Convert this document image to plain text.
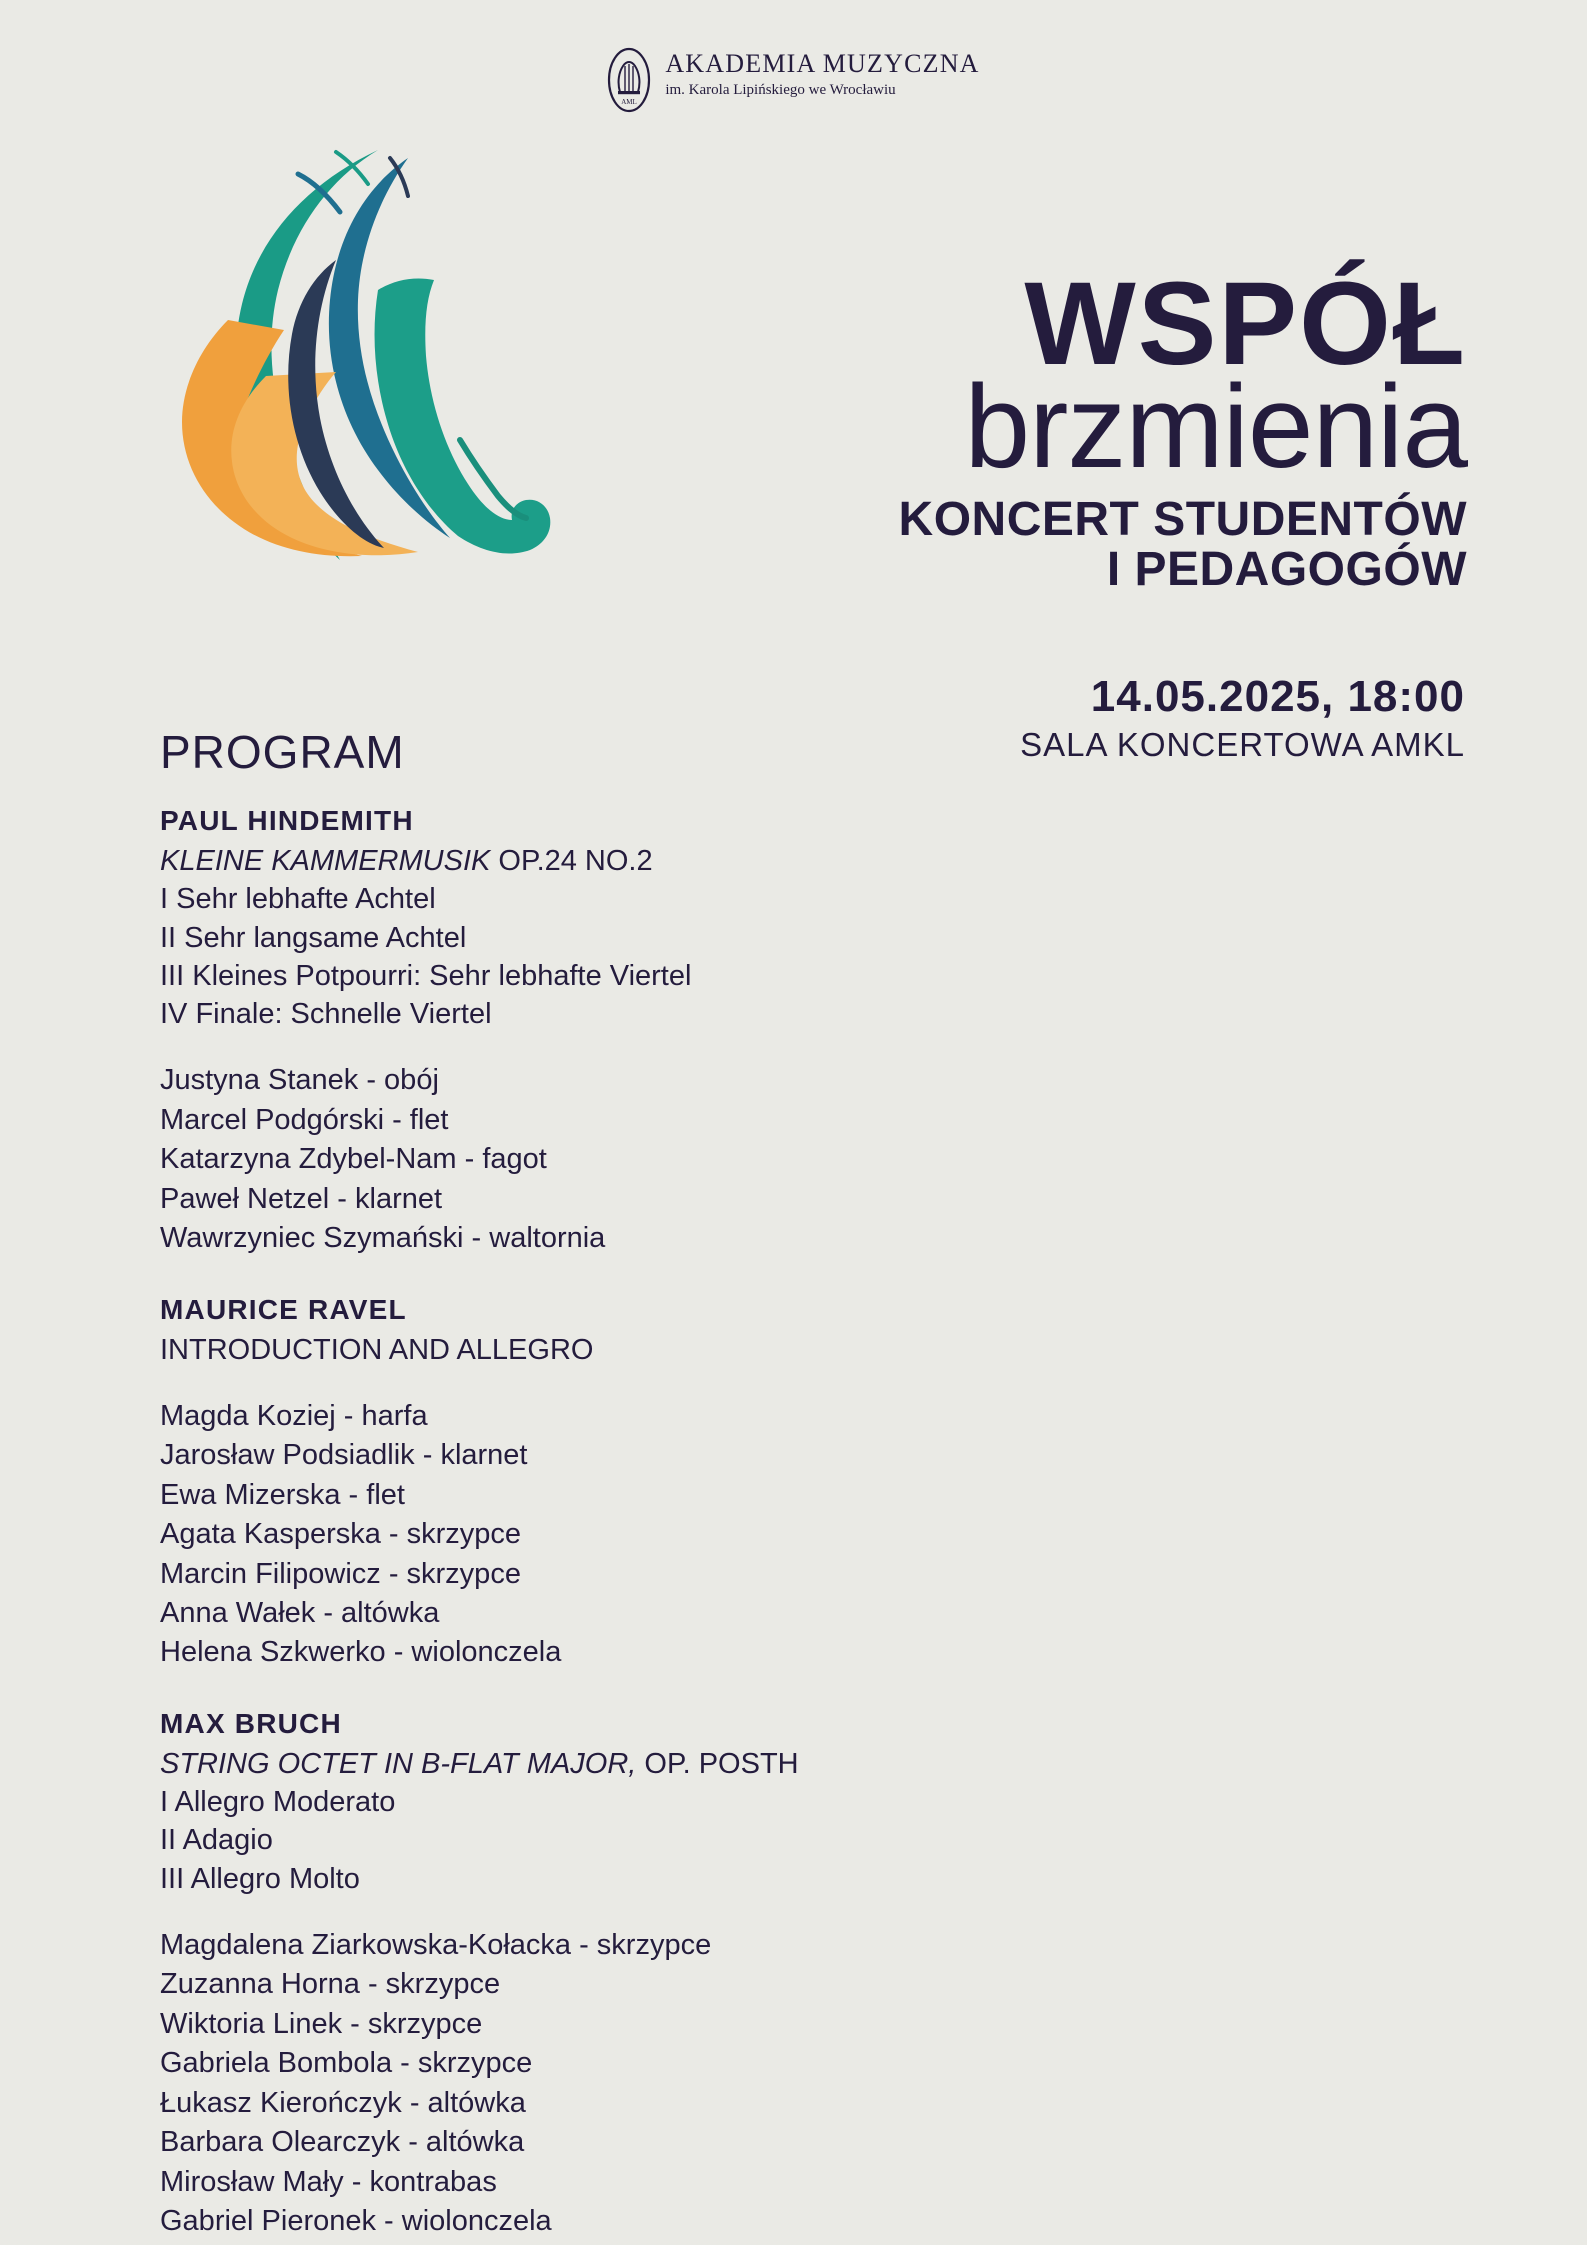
AML
AKADEMIA MUZYCZNA
im. Karola Lipińskiego we Wrocławiu
WSPÓŁ
brzmienia
KONCERT STUDENTÓW
I PEDAGOGÓW
14.05.2025, 18:00
SALA KONCERTOWA AMKL
PROGRAM
PAUL HINDEMITH
KLEINE KAMMERMUSIK OP.24 NO.2
I Sehr lebhafte Achtel
II Sehr langsame Achtel
III Kleines Potpourri: Sehr lebhafte Viertel
IV Finale: Schnelle Viertel
Justyna Stanek - obój
Marcel Podgórski - flet
Katarzyna Zdybel-Nam - fagot
Paweł Netzel - klarnet
Wawrzyniec Szymański - waltornia
MAURICE RAVEL
INTRODUCTION AND ALLEGRO
Magda Koziej - harfa
Jarosław Podsiadlik - klarnet
Ewa Mizerska - flet
Agata Kasperska - skrzypce
Marcin Filipowicz - skrzypce
Anna Wałek - altówka
Helena Szkwerko - wiolonczela
MAX BRUCH
STRING OCTET IN B-FLAT MAJOR, OP. POSTH
I Allegro Moderato
II Adagio
III Allegro Molto
Magdalena Ziarkowska-Kołacka - skrzypce
Zuzanna Horna - skrzypce
Wiktoria Linek - skrzypce
Gabriela Bombola - skrzypce
Łukasz Kierończyk - altówka
Barbara Olearczyk - altówka
Mirosław Mały - kontrabas
Gabriel Pieronek - wiolonczela
